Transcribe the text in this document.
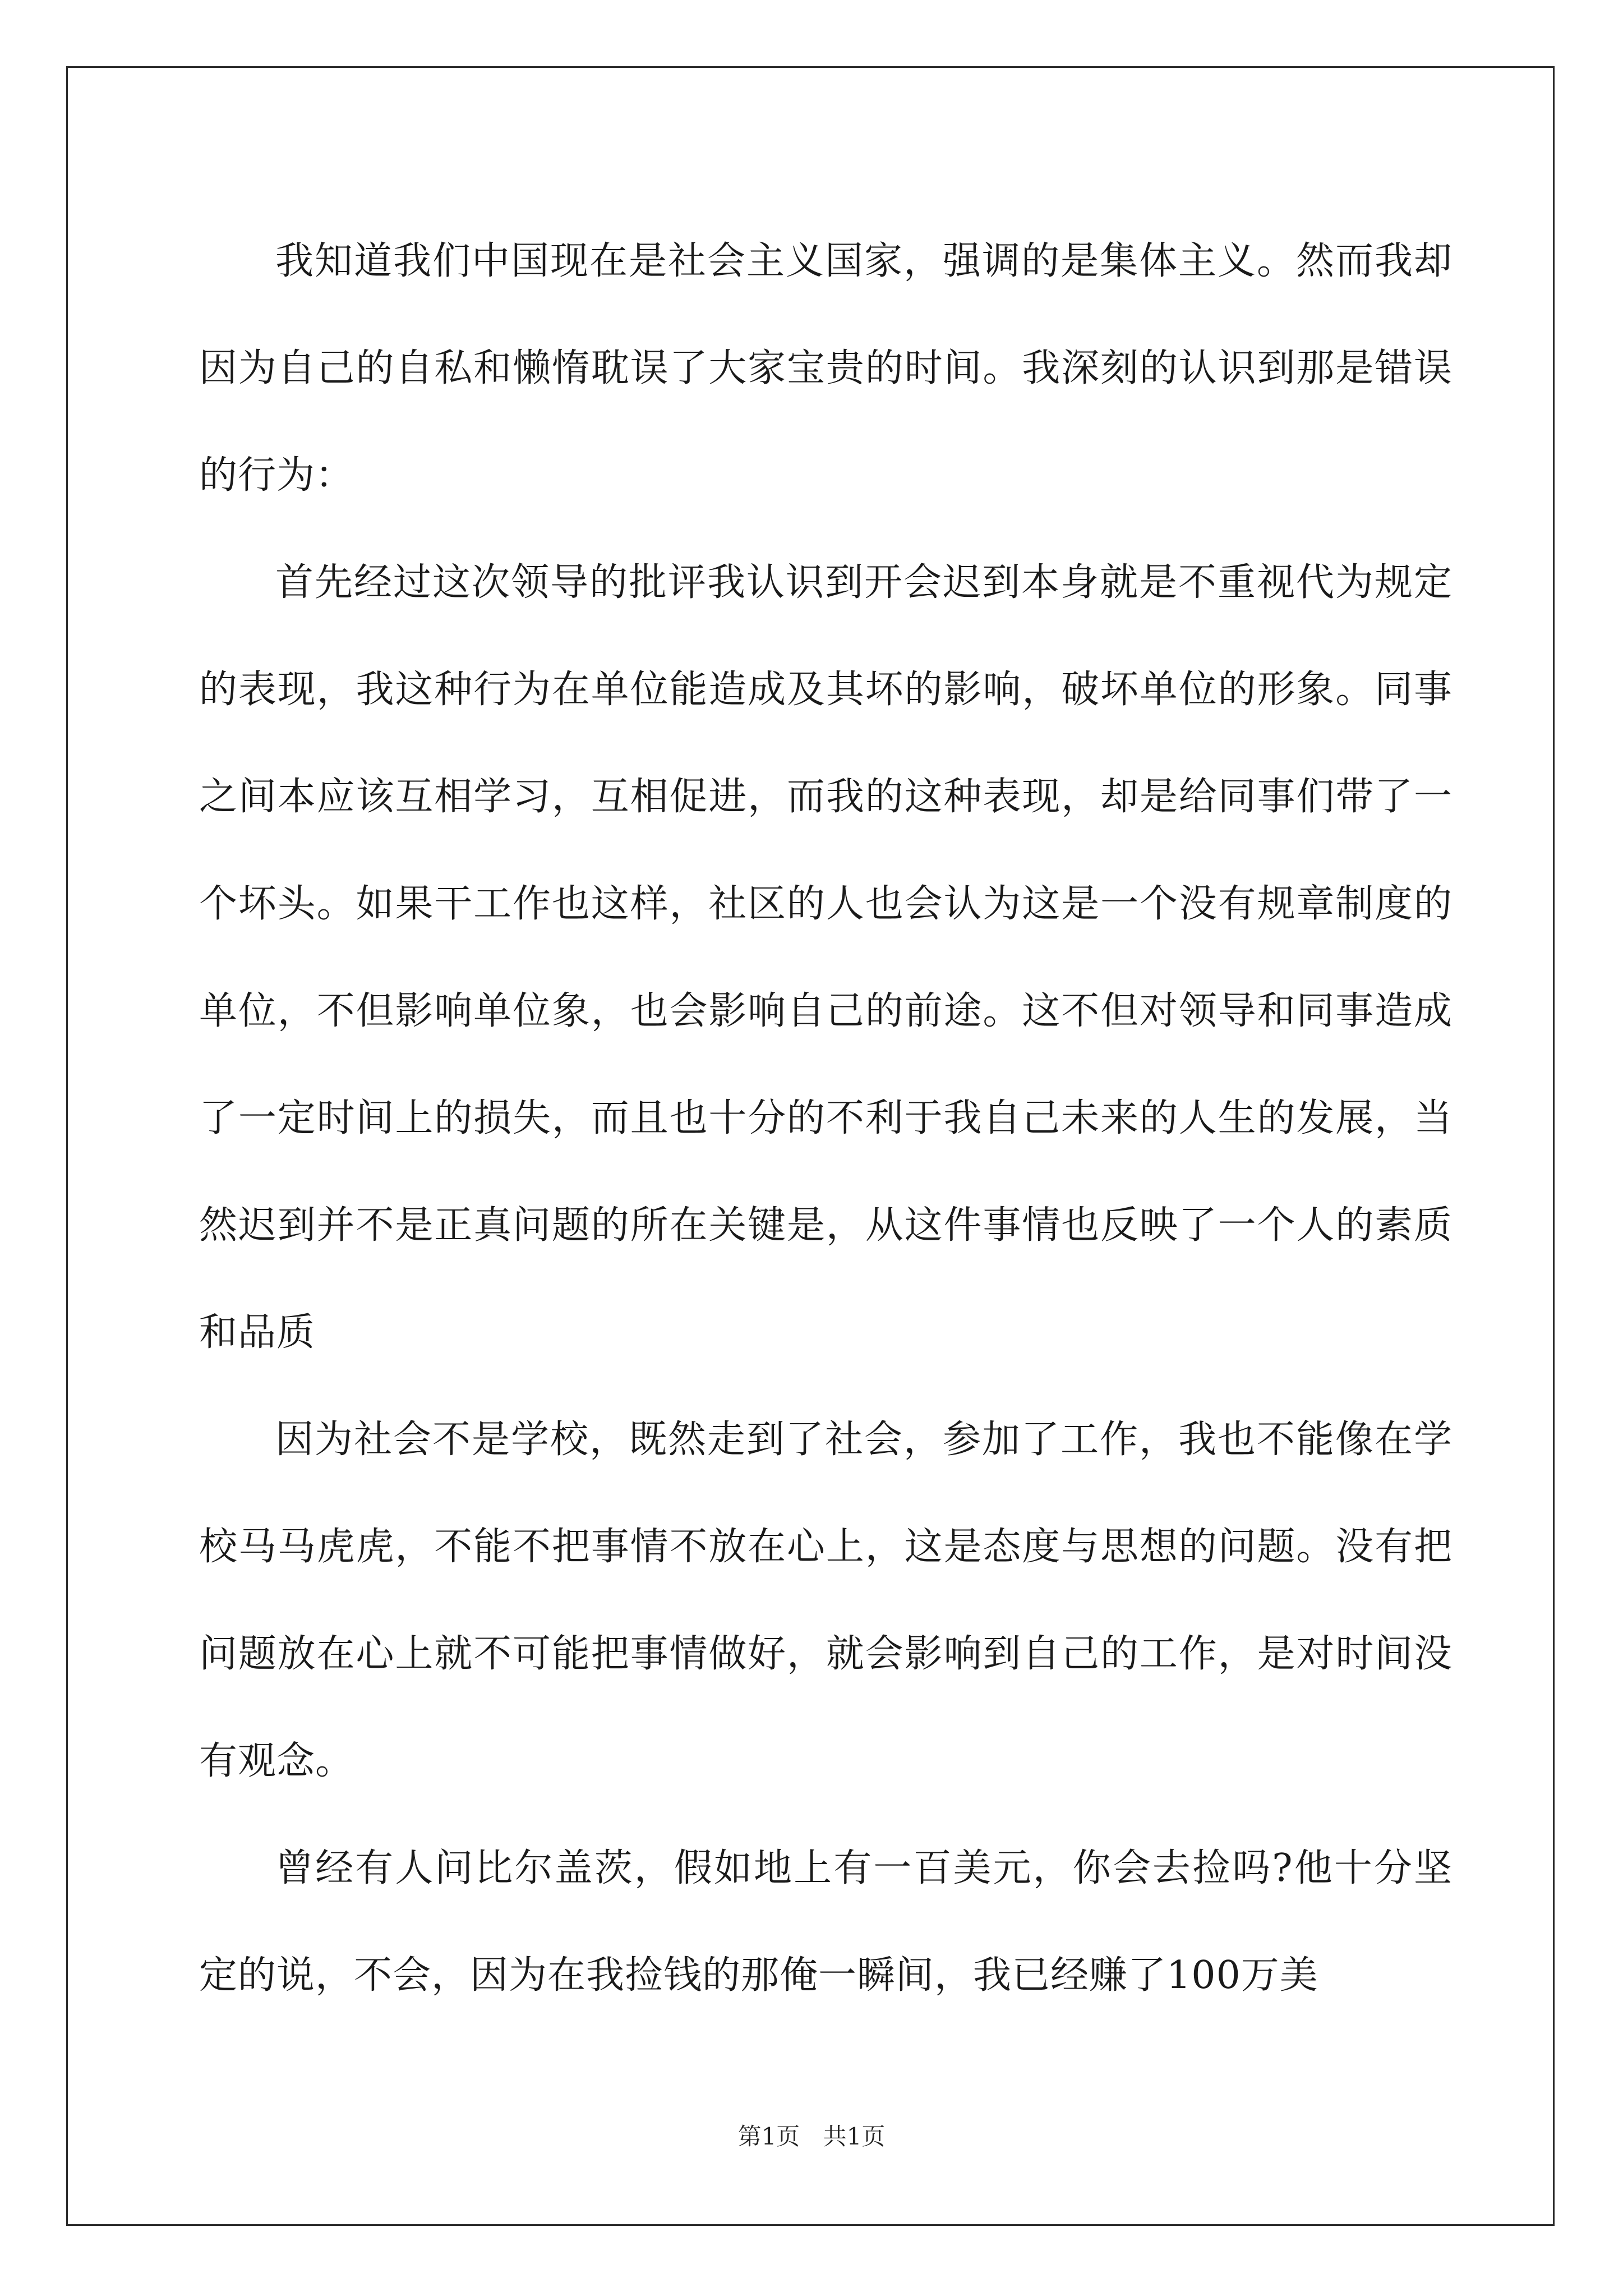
我知道我们中国现在是社会主义国家，强调的是集体主义。然而我却因为自己的自私和懒惰耽误了大家宝贵的时间。我深刻的认识到那是错误的行为：

首先经过这次领导的批评我认识到开会迟到本身就是不重视代为规定的表现，我这种行为在单位能造成及其坏的影响，破坏单位的形象。同事之间本应该互相学习，互相促进，而我的这种表现，却是给同事们带了一个坏头。如果干工作也这样，社区的人也会认为这是一个没有规章制度的单位，不但影响单位象，也会影响自己的前途。这不但对领导和同事造成了一定时间上的损失，而且也十分的不利于我自己未来的人生的发展，当然迟到并不是正真问题的所在关键是，从这件事情也反映了一个人的素质和品质

因为社会不是学校，既然走到了社会，参加了工作，我也不能像在学校马马虎虎，不能不把事情不放在心上，这是态度与思想的问题。没有把问题放在心上就不可能把事情做好，就会影响到自己的工作，是对时间没有观念。

曾经有人问比尔盖茨，假如地上有一百美元，你会去捡吗?他十分坚定的说，不会，因为在我捡钱的那俺一瞬间，我已经赚了100万美

第1页 共1页
